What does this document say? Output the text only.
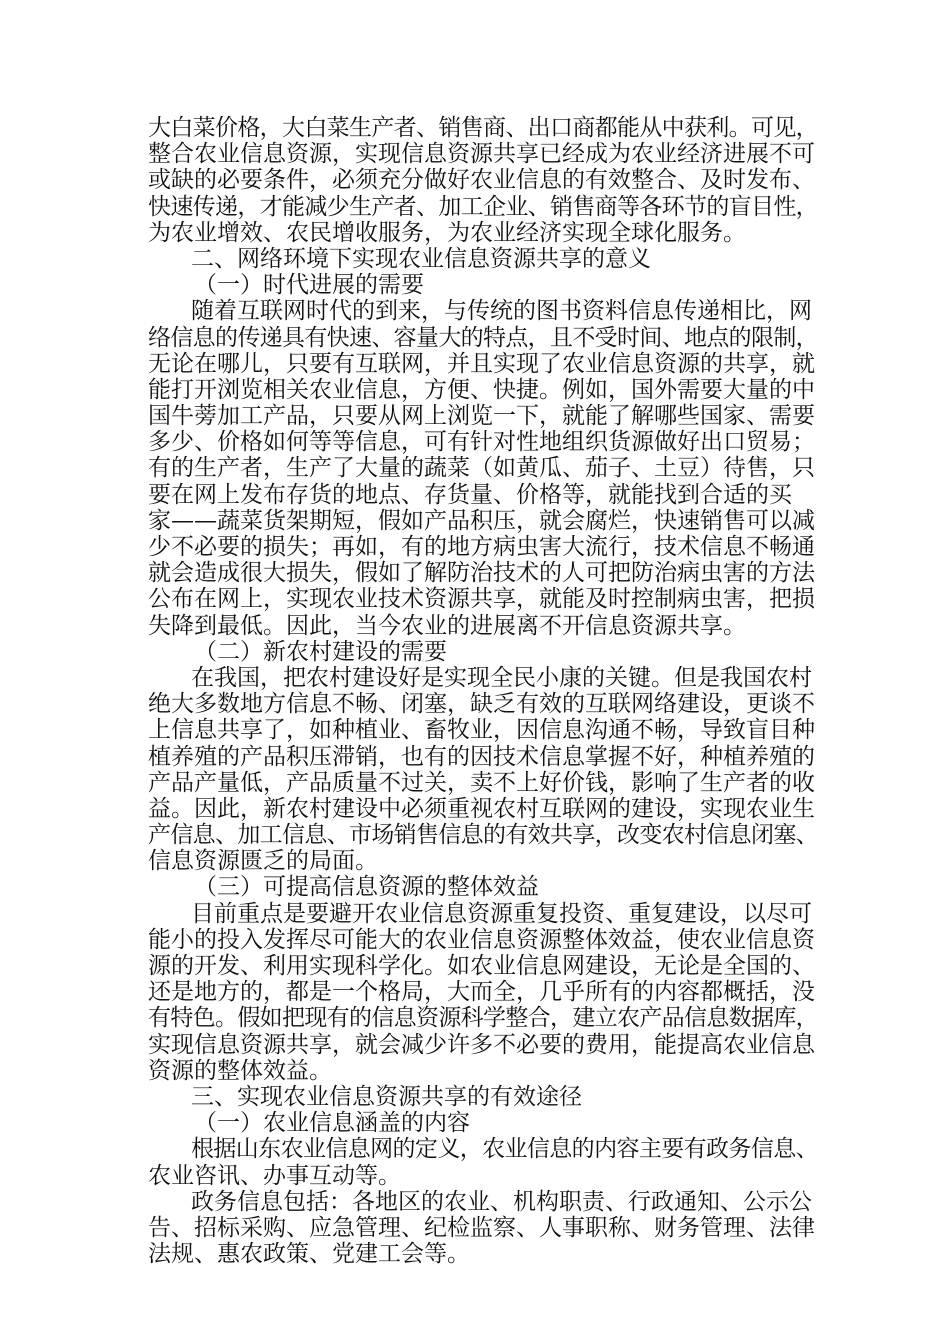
大白菜价格，大白菜生产者、销售商、出口商都能从中获利。可见，
整合农业信息资源，实现信息资源共享已经成为农业经济进展不可
或缺的必要条件，必须充分做好农业信息的有效整合、及时发布、
快速传递，才能减少生产者、加工企业、销售商等各环节的盲目性，
为农业增效、农民增收服务，为农业经济实现全球化服务。
二、网络环境下实现农业信息资源共享的意义
（一）时代进展的需要
随着互联网时代的到来，与传统的图书资料信息传递相比，网
络信息的传递具有快速、容量大的特点，且不受时间、地点的限制，
无论在哪儿，只要有互联网，并且实现了农业信息资源的共享，就
能打开浏览相关农业信息，方便、快捷。例如，国外需要大量的中
国牛蒡加工产品，只要从网上浏览一下，就能了解哪些国家、需要
多少、价格如何等等信息，可有针对性地组织货源做好出口贸易；
有的生产者，生产了大量的蔬菜（如黄瓜、茄子、土豆）待售，只
要在网上发布存货的地点、存货量、价格等，就能找到合适的买
家——蔬菜货架期短，假如产品积压，就会腐烂，快速销售可以减
少不必要的损失；再如，有的地方病虫害大流行，技术信息不畅通
就会造成很大损失，假如了解防治技术的人可把防治病虫害的方法
公布在网上，实现农业技术资源共享，就能及时控制病虫害，把损
失降到最低。因此，当今农业的进展离不开信息资源共享。
（二）新农村建设的需要
在我国，把农村建设好是实现全民小康的关键。但是我国农村
绝大多数地方信息不畅、闭塞，缺乏有效的互联网络建设，更谈不
上信息共享了，如种植业、畜牧业，因信息沟通不畅，导致盲目种
植养殖的产品积压滞销，也有的因技术信息掌握不好，种植养殖的
产品产量低，产品质量不过关，卖不上好价钱，影响了生产者的收
益。因此，新农村建设中必须重视农村互联网的建设，实现农业生
产信息、加工信息、市场销售信息的有效共享，改变农村信息闭塞、
信息资源匮乏的局面。
（三）可提高信息资源的整体效益
目前重点是要避开农业信息资源重复投资、重复建设，以尽可
能小的投入发挥尽可能大的农业信息资源整体效益，使农业信息资
源的开发、利用实现科学化。如农业信息网建设，无论是全国的、
还是地方的，都是一个格局，大而全，几乎所有的内容都概括，没
有特色。假如把现有的信息资源科学整合，建立农产品信息数据库，
实现信息资源共享，就会减少许多不必要的费用，能提高农业信息
资源的整体效益。
三、实现农业信息资源共享的有效途径
（一）农业信息涵盖的内容
根据山东农业信息网的定义，农业信息的内容主要有政务信息、
农业咨讯、办事互动等。
政务信息包括：各地区的农业、机构职责、行政通知、公示公
告、招标采购、应急管理、纪检监察、人事职称、财务管理、法律
法规、惠农政策、党建工会等。
